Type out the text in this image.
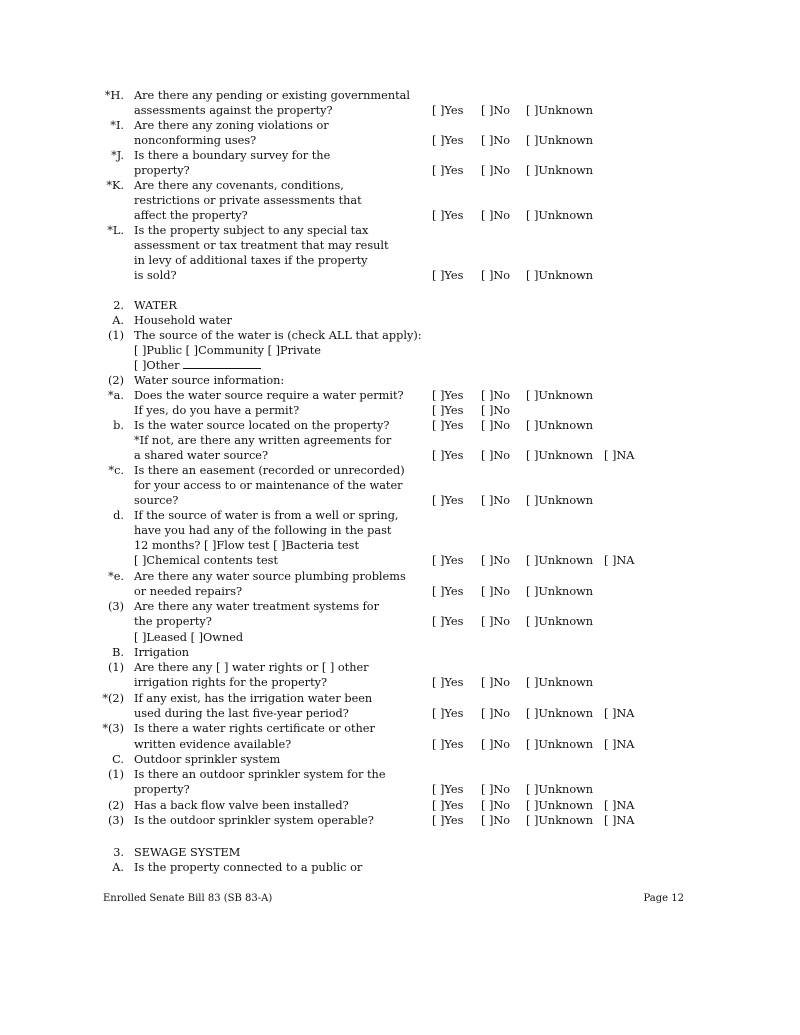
*H. Are there any pending or existing governmental
assessments against the property?	[ ]Yes [ ]No [ ]Unknown
*I. Are there any zoning violations or
nonconforming uses?	[ ]Yes [ ]No [ ]Unknown
*J. Is there a boundary survey for the
property?	[ ]Yes [ ]No [ ]Unknown
*K. Are there any covenants, conditions,
restrictions or private assessments that
affect the property?	[ ]Yes [ ]No [ ]Unknown
*L. Is the property subject to any special tax
assessment or tax treatment that may result
in levy of additional taxes if the property
is sold?	[ ]Yes [ ]No [ ]Unknown
2. WATER
A. Household water
(1) The source of the water is (check ALL that apply):
[ ]Public [ ]Community [ ]Private
[ ]Other
(2) Water source information:
*a. Does the water source require a water permit?	[ ]Yes [ ]No [ ]Unknown
If yes, do you have a permit?	[ ]Yes [ ]No
b. Is the water source located on the property?	[ ]Yes [ ]No [ ]Unknown
*If not, are there any written agreements for
a shared water source?	[ ]Yes [ ]No [ ]Unknown [ ]NA
*c. Is there an easement (recorded or unrecorded)
for your access to or maintenance of the water
source?	[ ]Yes [ ]No [ ]Unknown
d. If the source of water is from a well or spring,
have you had any of the following in the past
12 months? [ ]Flow test [ ]Bacteria test
[ ]Chemical contents test	[ ]Yes [ ]No [ ]Unknown [ ]NA
*e. Are there any water source plumbing problems
or needed repairs?	[ ]Yes [ ]No [ ]Unknown
(3) Are there any water treatment systems for
the property?	[ ]Yes [ ]No [ ]Unknown
[ ]Leased [ ]Owned
B. Irrigation
(1) Are there any [ ] water rights or [ ] other
irrigation rights for the property?	[ ]Yes [ ]No [ ]Unknown
*(2) If any exist, has the irrigation water been
used during the last five-year period?	[ ]Yes [ ]No [ ]Unknown [ ]NA
*(3) Is there a water rights certificate or other
written evidence available?	[ ]Yes [ ]No [ ]Unknown [ ]NA
C. Outdoor sprinkler system
(1) Is there an outdoor sprinkler system for the
property?	[ ]Yes [ ]No [ ]Unknown
(2) Has a back flow valve been installed?	[ ]Yes [ ]No [ ]Unknown [ ]NA
(3) Is the outdoor sprinkler system operable?	[ ]Yes [ ]No [ ]Unknown [ ]NA
3. SEWAGE SYSTEM
A. Is the property connected to a public or
Enrolled Senate Bill 83 (SB 83-A)	Page 12
